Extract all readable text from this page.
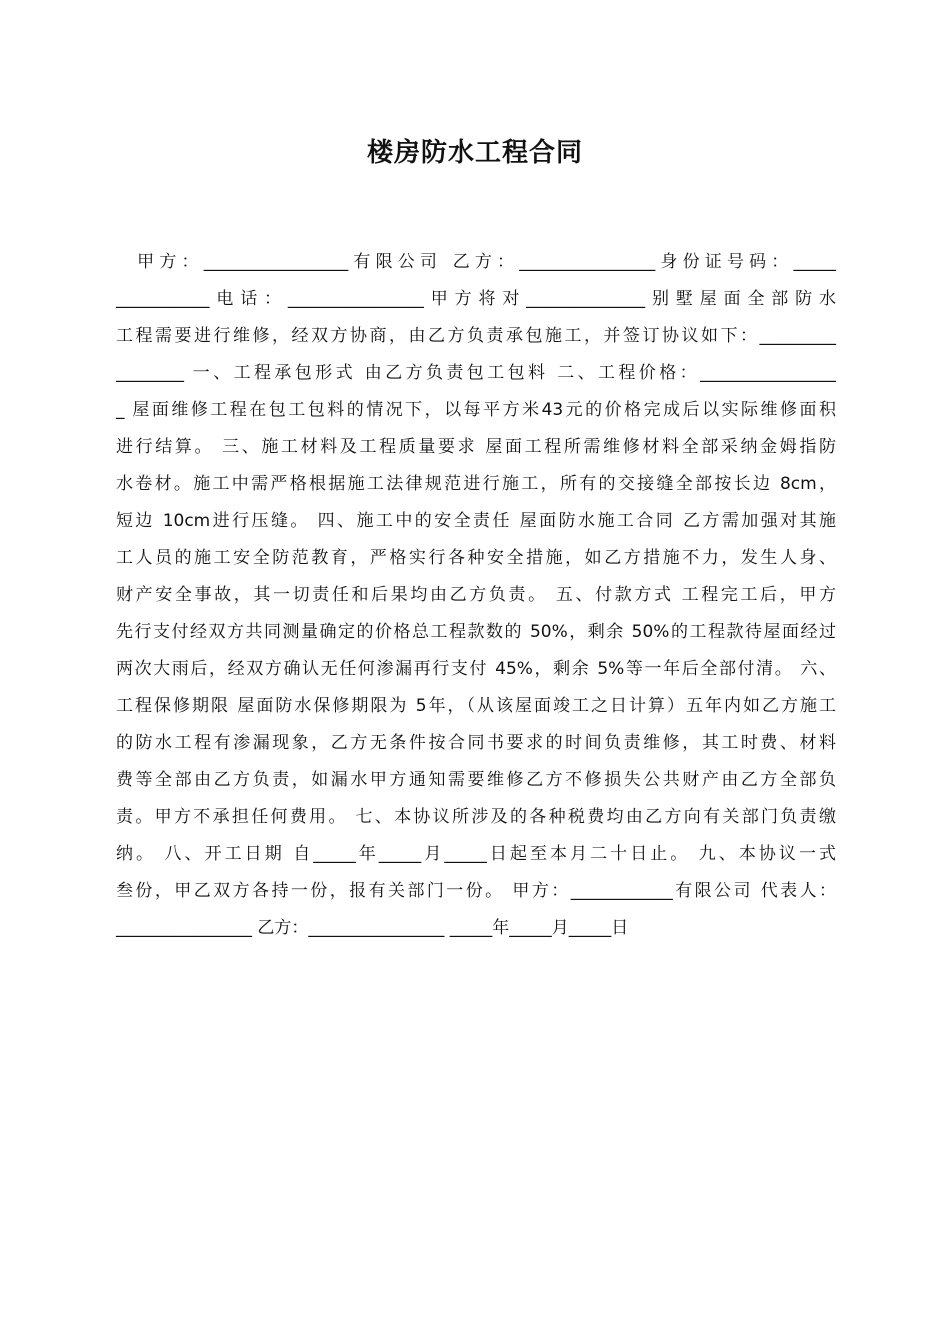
楼房防水工程合同
甲方：_________________有限公司 乙方：________________身份证号码：_____
___________电话：________________甲方将对______________别墅屋面全部防水
工程需要进行维修，经双方协商，由乙方负责承包施工，并签订协议如下：_________
________ 一、工程承包形式 由乙方负责包工包料 二、工程价格：________________
_ 屋面维修工程在包工包料的情况下，以每平方米43元的价格完成后以实际维修面积
进行结算。 三、施工材料及工程质量要求 屋面工程所需维修材料全部采纳金姆指防
水卷材。施工中需严格根据施工法律规范进行施工，所有的交接缝全部按长边 8cm，
短边 10cm进行压缝。 四、施工中的安全责任 屋面防水施工合同 乙方需加强对其施
工人员的施工安全防范教育，严格实行各种安全措施，如乙方措施不力，发生人身、
财产安全事故，其一切责任和后果均由乙方负责。 五、付款方式 工程完工后，甲方
先行支付经双方共同测量确定的价格总工程款数的 50%，剩余 50%的工程款待屋面经过
两次大雨后，经双方确认无任何渗漏再行支付 45%，剩余 5%等一年后全部付清。 六、
工程保修期限 屋面防水保修期限为 5年，（从该屋面竣工之日计算）五年内如乙方施工
的防水工程有渗漏现象，乙方无条件按合同书要求的时间负责维修，其工时费、材料
费等全部由乙方负责，如漏水甲方通知需要维修乙方不修损失公共财产由乙方全部负
责。甲方不承担任何费用。 七、本协议所涉及的各种税费均由乙方向有关部门负责缴
纳。 八、开工日期 自_____年_____月_____日起至本月二十日止。 九、本协议一式
叁份，甲乙双方各持一份，报有关部门一份。 甲方：____________有限公司 代表人：
________________ 乙方：________________ _____年_____月_____日
